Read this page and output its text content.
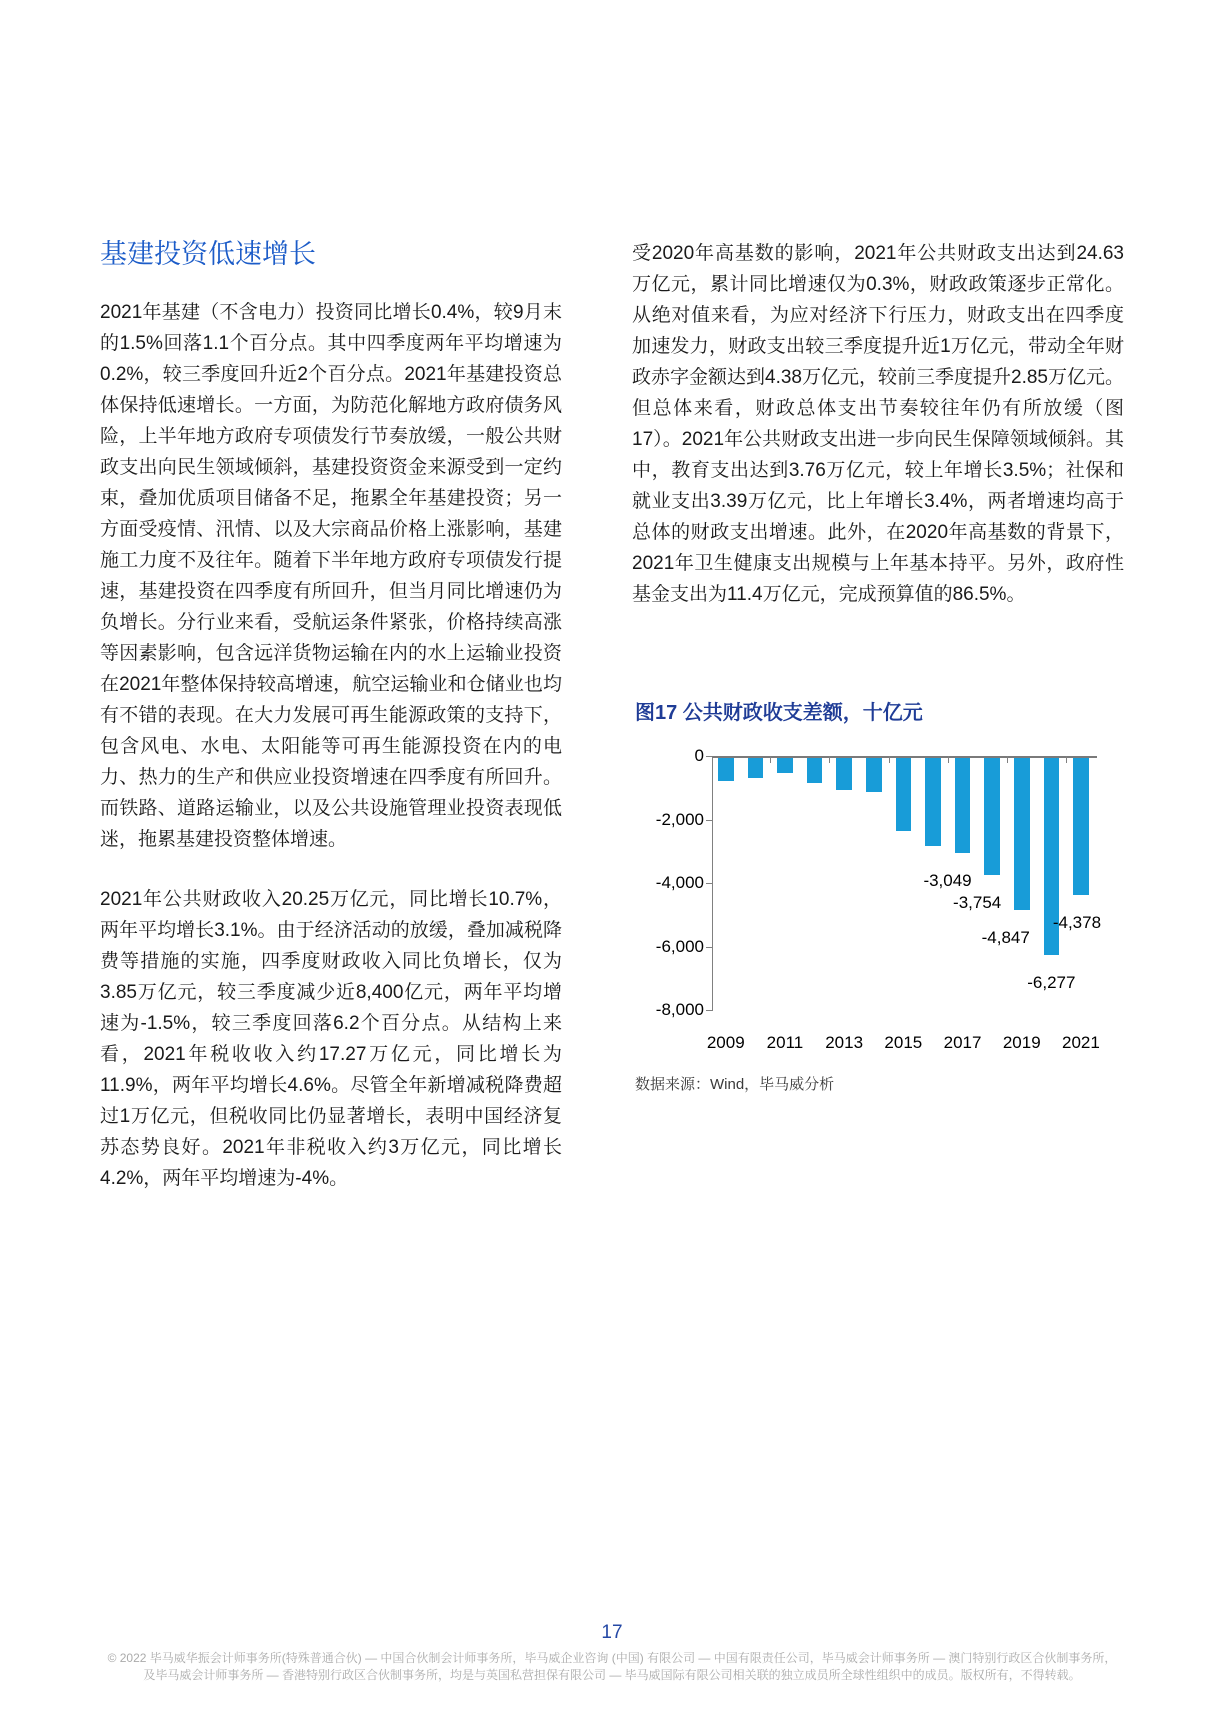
基建投资低速增长
2021年基建（不含电力）投资同比增长0.4%，较9月末的1.5%回落1.1个百分点。其中四季度两年平均增速为0.2%，较三季度回升近2个百分点。2021年基建投资总体保持低速增长。一方面，为防范化解地方政府债务风险，上半年地方政府专项债发行节奏放缓，一般公共财政支出向民生领域倾斜，基建投资资金来源受到一定约束，叠加优质项目储备不足，拖累全年基建投资；另一方面受疫情、汛情、以及大宗商品价格上涨影响，基建施工力度不及往年。随着下半年地方政府专项债发行提速，基建投资在四季度有所回升，但当月同比增速仍为负增长。分行业来看，受航运条件紧张，价格持续高涨等因素影响，包含远洋货物运输在内的水上运输业投资在2021年整体保持较高增速，航空运输业和仓储业也均有不错的表现。在大力发展可再生能源政策的支持下，包含风电、水电、太阳能等可再生能源投资在内的电力、热力的生产和供应业投资增速在四季度有所回升。而铁路、道路运输业，以及公共设施管理业投资表现低迷，拖累基建投资整体增速。
2021年公共财政收入20.25万亿元，同比增长10.7%，两年平均增长3.1%。由于经济活动的放缓，叠加减税降费等措施的实施，四季度财政收入同比负增长，仅为3.85万亿元，较三季度减少近8,400亿元，两年平均增速为-1.5%，较三季度回落6.2个百分点。从结构上来看，2021年税收收入约17.27万亿元，同比增长为11.9%，两年平均增长4.6%。尽管全年新增减税降费超过1万亿元，但税收同比仍显著增长，表明中国经济复苏态势良好。2021年非税收入约3万亿元，同比增长4.2%，两年平均增速为-4%。
受2020年高基数的影响，2021年公共财政支出达到24.63万亿元，累计同比增速仅为0.3%，财政政策逐步正常化。从绝对值来看，为应对经济下行压力，财政支出在四季度加速发力，财政支出较三季度提升近1万亿元，带动全年财政赤字金额达到4.38万亿元，较前三季度提升2.85万亿元。但总体来看，财政总体支出节奏较往年仍有所放缓（图17）。2021年公共财政支出进一步向民生保障领域倾斜。其中，教育支出达到3.76万亿元，较上年增长3.5%；社保和就业支出3.39万亿元，比上年增长3.4%，两者增速均高于总体的财政支出增速。此外，在2020年高基数的背景下，2021年卫生健康支出规模与上年基本持平。另外，政府性基金支出为11.4万亿元，完成预算值的86.5%。
图17 公共财政收支差额，十亿元
0
-2,000
-4,000
-6,000
-8,000
-3,049
-3,754
-4,847
-6,277
-4,378
2009	2011	2013	2015	2017	2019	2021
数据来源：Wind，毕马威分析
17
© 2022 毕马威华振会计师事务所(特殊普通合伙) — 中国合伙制会计师事务所，毕马威企业咨询 (中国) 有限公司 — 中国有限责任公司，毕马威会计师事务所 — 澳门特别行政区合伙制事务所，
及毕马威会计师事务所 — 香港特别行政区合伙制事务所，均是与英国私营担保有限公司 — 毕马威国际有限公司相关联的独立成员所全球性组织中的成员。版权所有，不得转载。
